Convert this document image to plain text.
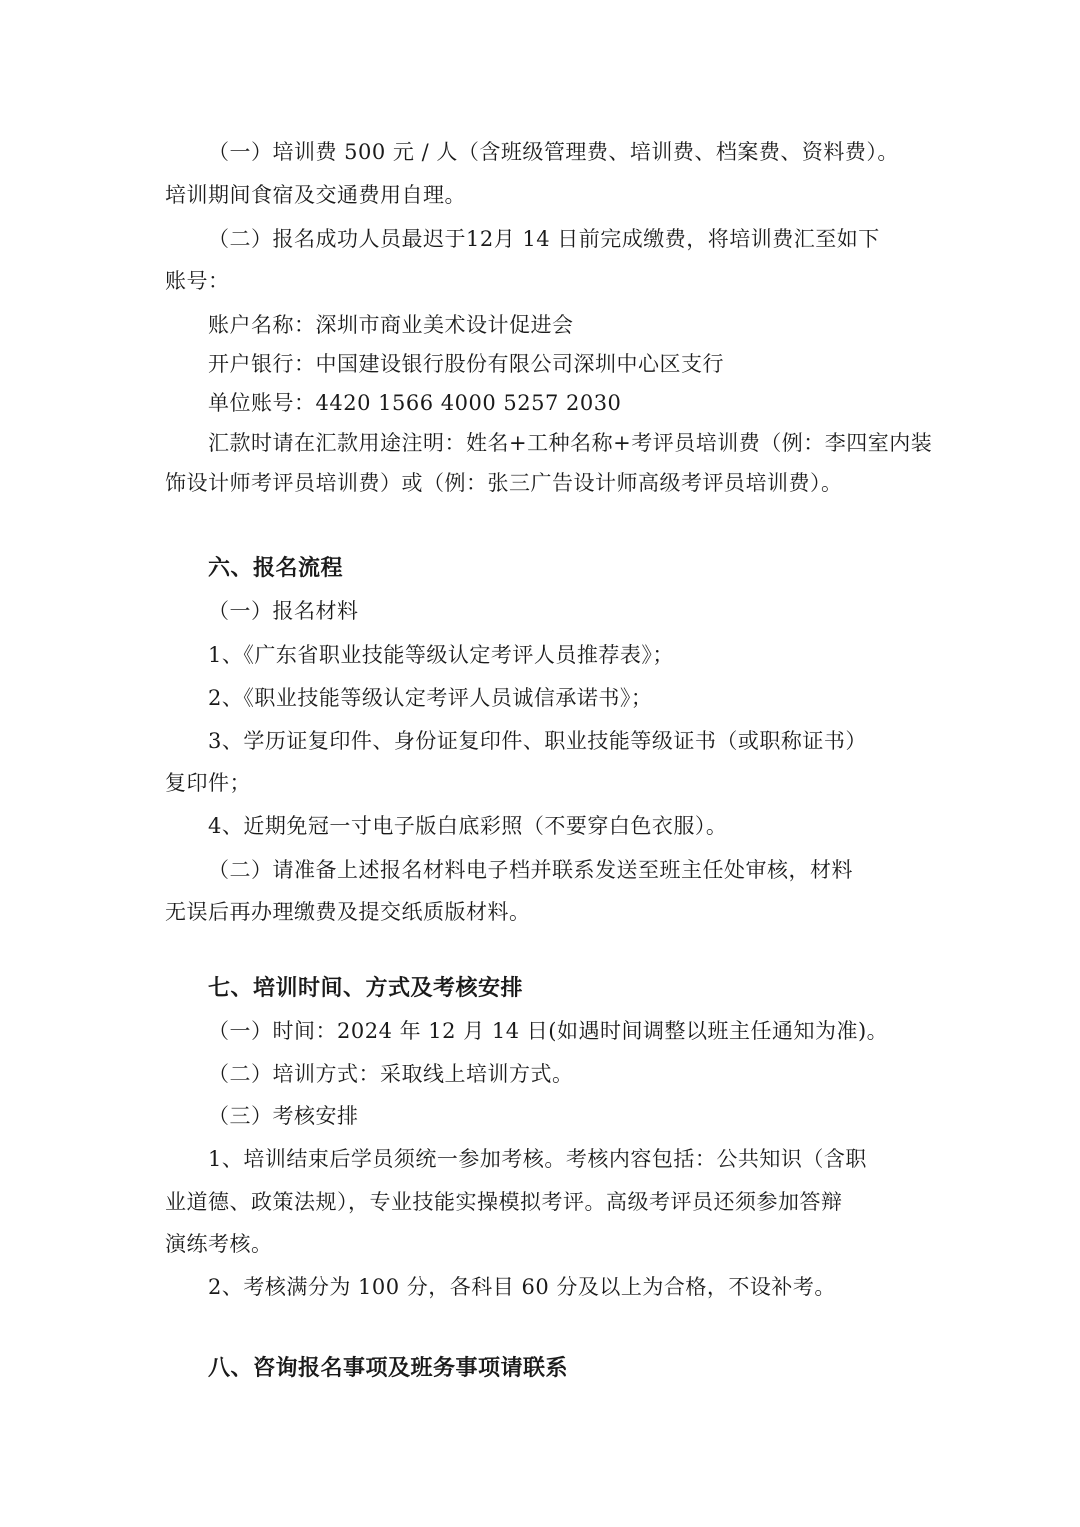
（一）培训费 500 元 / 人（含班级管理费、培训费、档案费、资料费）。
培训期间食宿及交通费用自理。
（二）报名成功人员最迟于12月 14 日前完成缴费，将培训费汇至如下
账号：
账户名称：深圳市商业美术设计促进会
开户银行：中国建设银行股份有限公司深圳中心区支行
单位账号：4420 1566 4000 5257 2030
汇款时请在汇款用途注明：姓名+工种名称+考评员培训费（例：李四室内装
饰设计师考评员培训费）或（例：张三广告设计师高级考评员培训费）。
六、报名流程
（一）报名材料
1、《广东省职业技能等级认定考评人员推荐表》；
2、《职业技能等级认定考评人员诚信承诺书》；
3、学历证复印件、身份证复印件、职业技能等级证书（或职称证书）
复印件；
4、近期免冠一寸电子版白底彩照（不要穿白色衣服）。
（二）请准备上述报名材料电子档并联系发送至班主任处审核，材料
无误后再办理缴费及提交纸质版材料。
七、培训时间、方式及考核安排
（一）时间：2024 年 12 月 14 日(如遇时间调整以班主任通知为准)。
（二）培训方式：采取线上培训方式。
（三）考核安排
1、培训结束后学员须统一参加考核。考核内容包括：公共知识（含职
业道德、政策法规），专业技能实操模拟考评。高级考评员还须参加答辩
演练考核。
2、考核满分为 100 分，各科目 60 分及以上为合格，不设补考。
八、咨询报名事项及班务事项请联系
